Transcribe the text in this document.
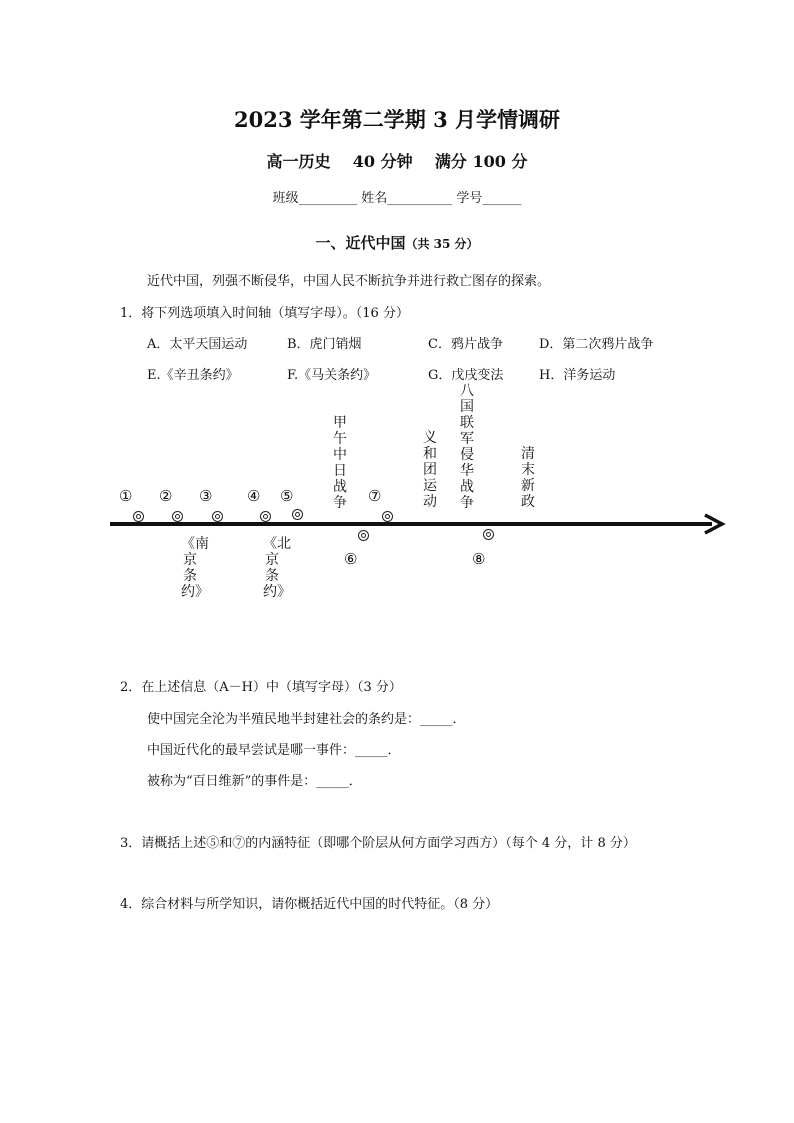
2023 学年第二学期 3 月学情调研
高一历史    40 分钟    满分 100 分
班级_________ 姓名__________ 学号______
一、近代中国（共 35 分）
近代中国，列强不断侵华，中国人民不断抗争并进行救亡图存的探索。
1．将下列选项填入时间轴（填写字母）。（16 分）
A．太平天国运动	B．虎门销烟	C．鸦片战争	D．第二次鸦片战争
E.《辛丑条约》	F.《马关条约》	G．戊戌变法	H．洋务运动
甲午中日战争
义和团运动
八国联军侵华战争
清末新政
① ② ③ ④ ⑤	⑦
⑥	⑧
《南京条约》
《北京条约》
2．在上述信息（A－H）中（填写字母）（3 分）
使中国完全沦为半殖民地半封建社会的条约是：_____．
中国近代化的最早尝试是哪一事件：_____．
被称为“百日维新”的事件是：_____．
3．请概括上述⑤和⑦的内涵特征（即哪个阶层从何方面学习西方）（每个 4 分，计 8 分）
4．综合材料与所学知识，请你概括近代中国的时代特征。（8 分）
